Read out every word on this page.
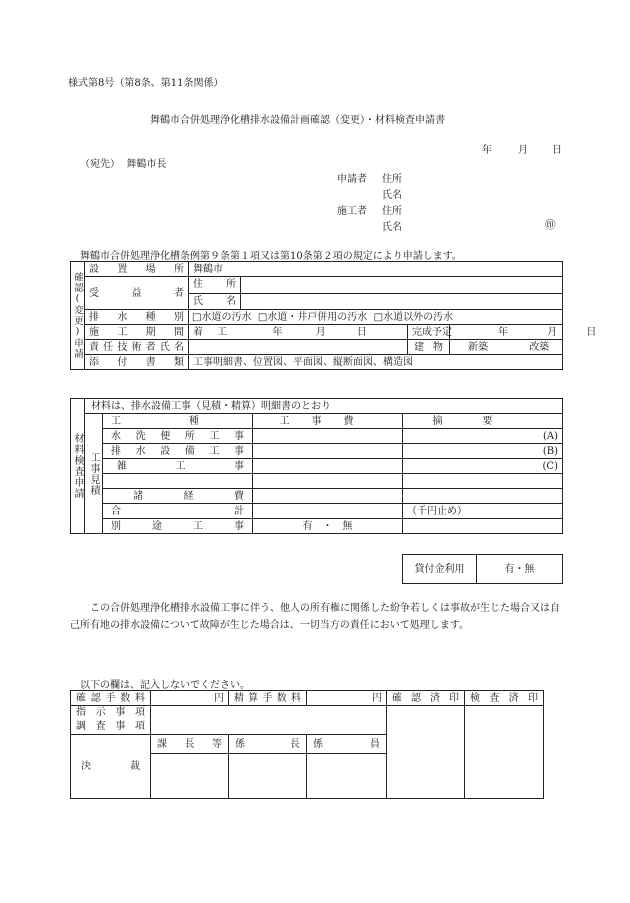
様式第8号（第8条、第11条関係）
舞鶴市合併処理浄化槽排水設備計画確認（変更）・材料検査申請書
年	月 日
（宛先） 舞鶴市長
申請者 住所
氏名
施工者 住所
氏名	㊞
舞鶴市合併処理浄化槽条例第９条第１項又は第10条第２項の規定により申請します。
確認(変更)申請	設置場所	舞鶴市			
	受益者	住所			
		氏名			
	排水種別	□水道の汚水 □水道・井戸併用の汚水 □水道以外の汚水			
	施工期間	着工	年 月 日	完成予定	年 月 日
	責任技術者氏名			建物	新築 改築
	添付書類	工事明細書、位置図、平面図、縦断面図、構造図			
材料検査申請	材料は、排水設備工事（見積・精算）明細書のとおり			
	工事見積	工種	工事費	摘要
		水洗便所工事		(A)
		排水設備工事		(B)
		雑工事		(C)

		諸経費		
		合計		（千円止め）
		別途工事	有　・　無	
貸付金利用	有・無
この合併処理浄化槽排水設備工事に伴う、他人の所有権に関係した紛争若しくは事故が生じた場合又は自己所有地の排水設備について故障が生じた場合は、一切当方の責任において処理します。
以下の欄は、記入しないでください。
確認手数料	円	精算手数料	円	確認済印	検査済印

指示事項
調査事項					

決裁	課長等	係長	係員		
